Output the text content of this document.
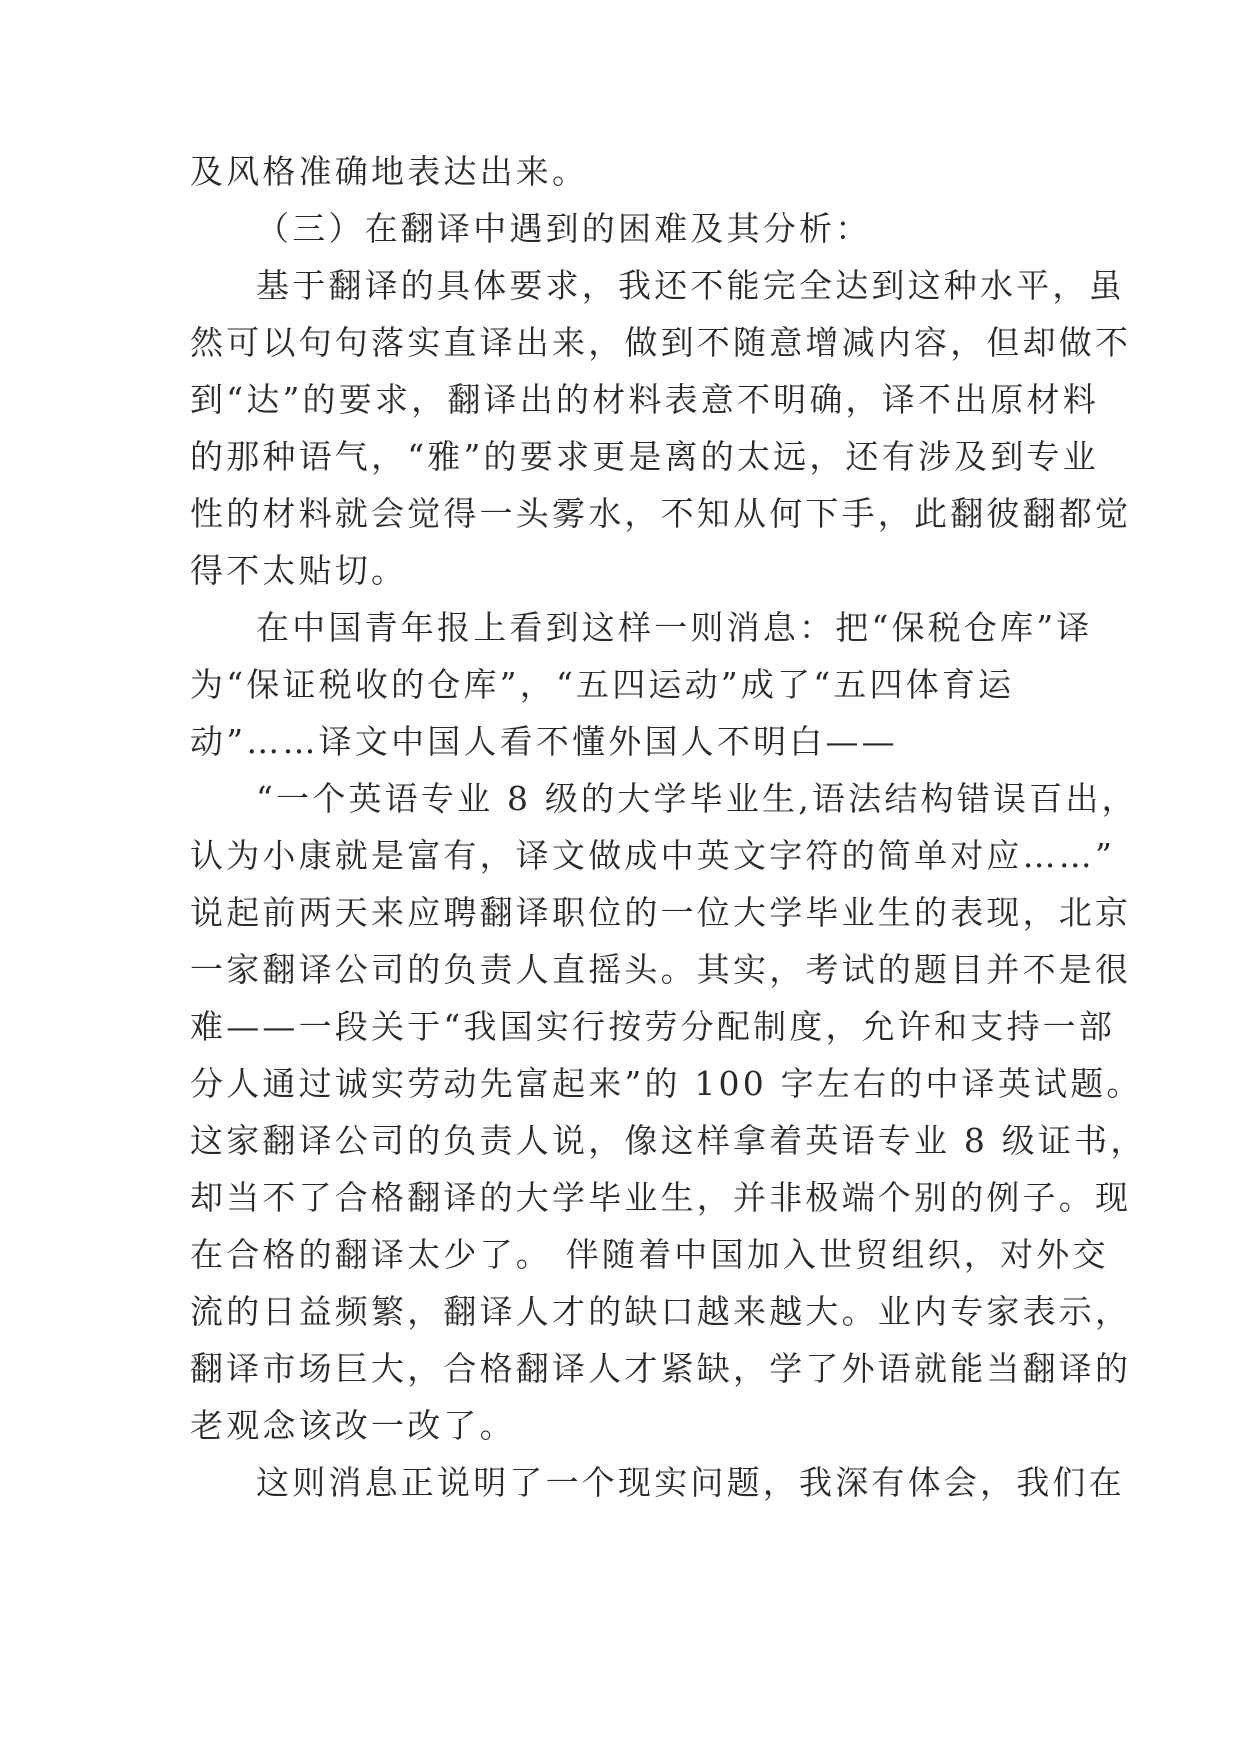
及风格准确地表达出来。
（三）在翻译中遇到的困难及其分析：
基于翻译的具体要求，我还不能完全达到这种水平，虽
然可以句句落实直译出来，做到不随意增减内容，但却做不
到“达”的要求，翻译出的材料表意不明确，译不出原材料
的那种语气，“雅”的要求更是离的太远，还有涉及到专业
性的材料就会觉得一头雾水，不知从何下手，此翻彼翻都觉
得不太贴切。
在中国青年报上看到这样一则消息：把“保税仓库”译
为“保证税收的仓库”，“五四运动”成了“五四体育运
动”……译文中国人看不懂外国人不明白——
“一个英语专业 8 级的大学毕业生,语法结构错误百出，
认为小康就是富有，译文做成中英文字符的简单对应……”
说起前两天来应聘翻译职位的一位大学毕业生的表现，北京
一家翻译公司的负责人直摇头。其实，考试的题目并不是很
难——一段关于“我国实行按劳分配制度，允许和支持一部
分人通过诚实劳动先富起来”的 100 字左右的中译英试题。
这家翻译公司的负责人说，像这样拿着英语专业 8 级证书，
却当不了合格翻译的大学毕业生，并非极端个别的例子。现
在合格的翻译太少了。 伴随着中国加入世贸组织，对外交
流的日益频繁，翻译人才的缺口越来越大。业内专家表示，
翻译市场巨大，合格翻译人才紧缺，学了外语就能当翻译的
老观念该改一改了。
这则消息正说明了一个现实问题，我深有体会，我们在
